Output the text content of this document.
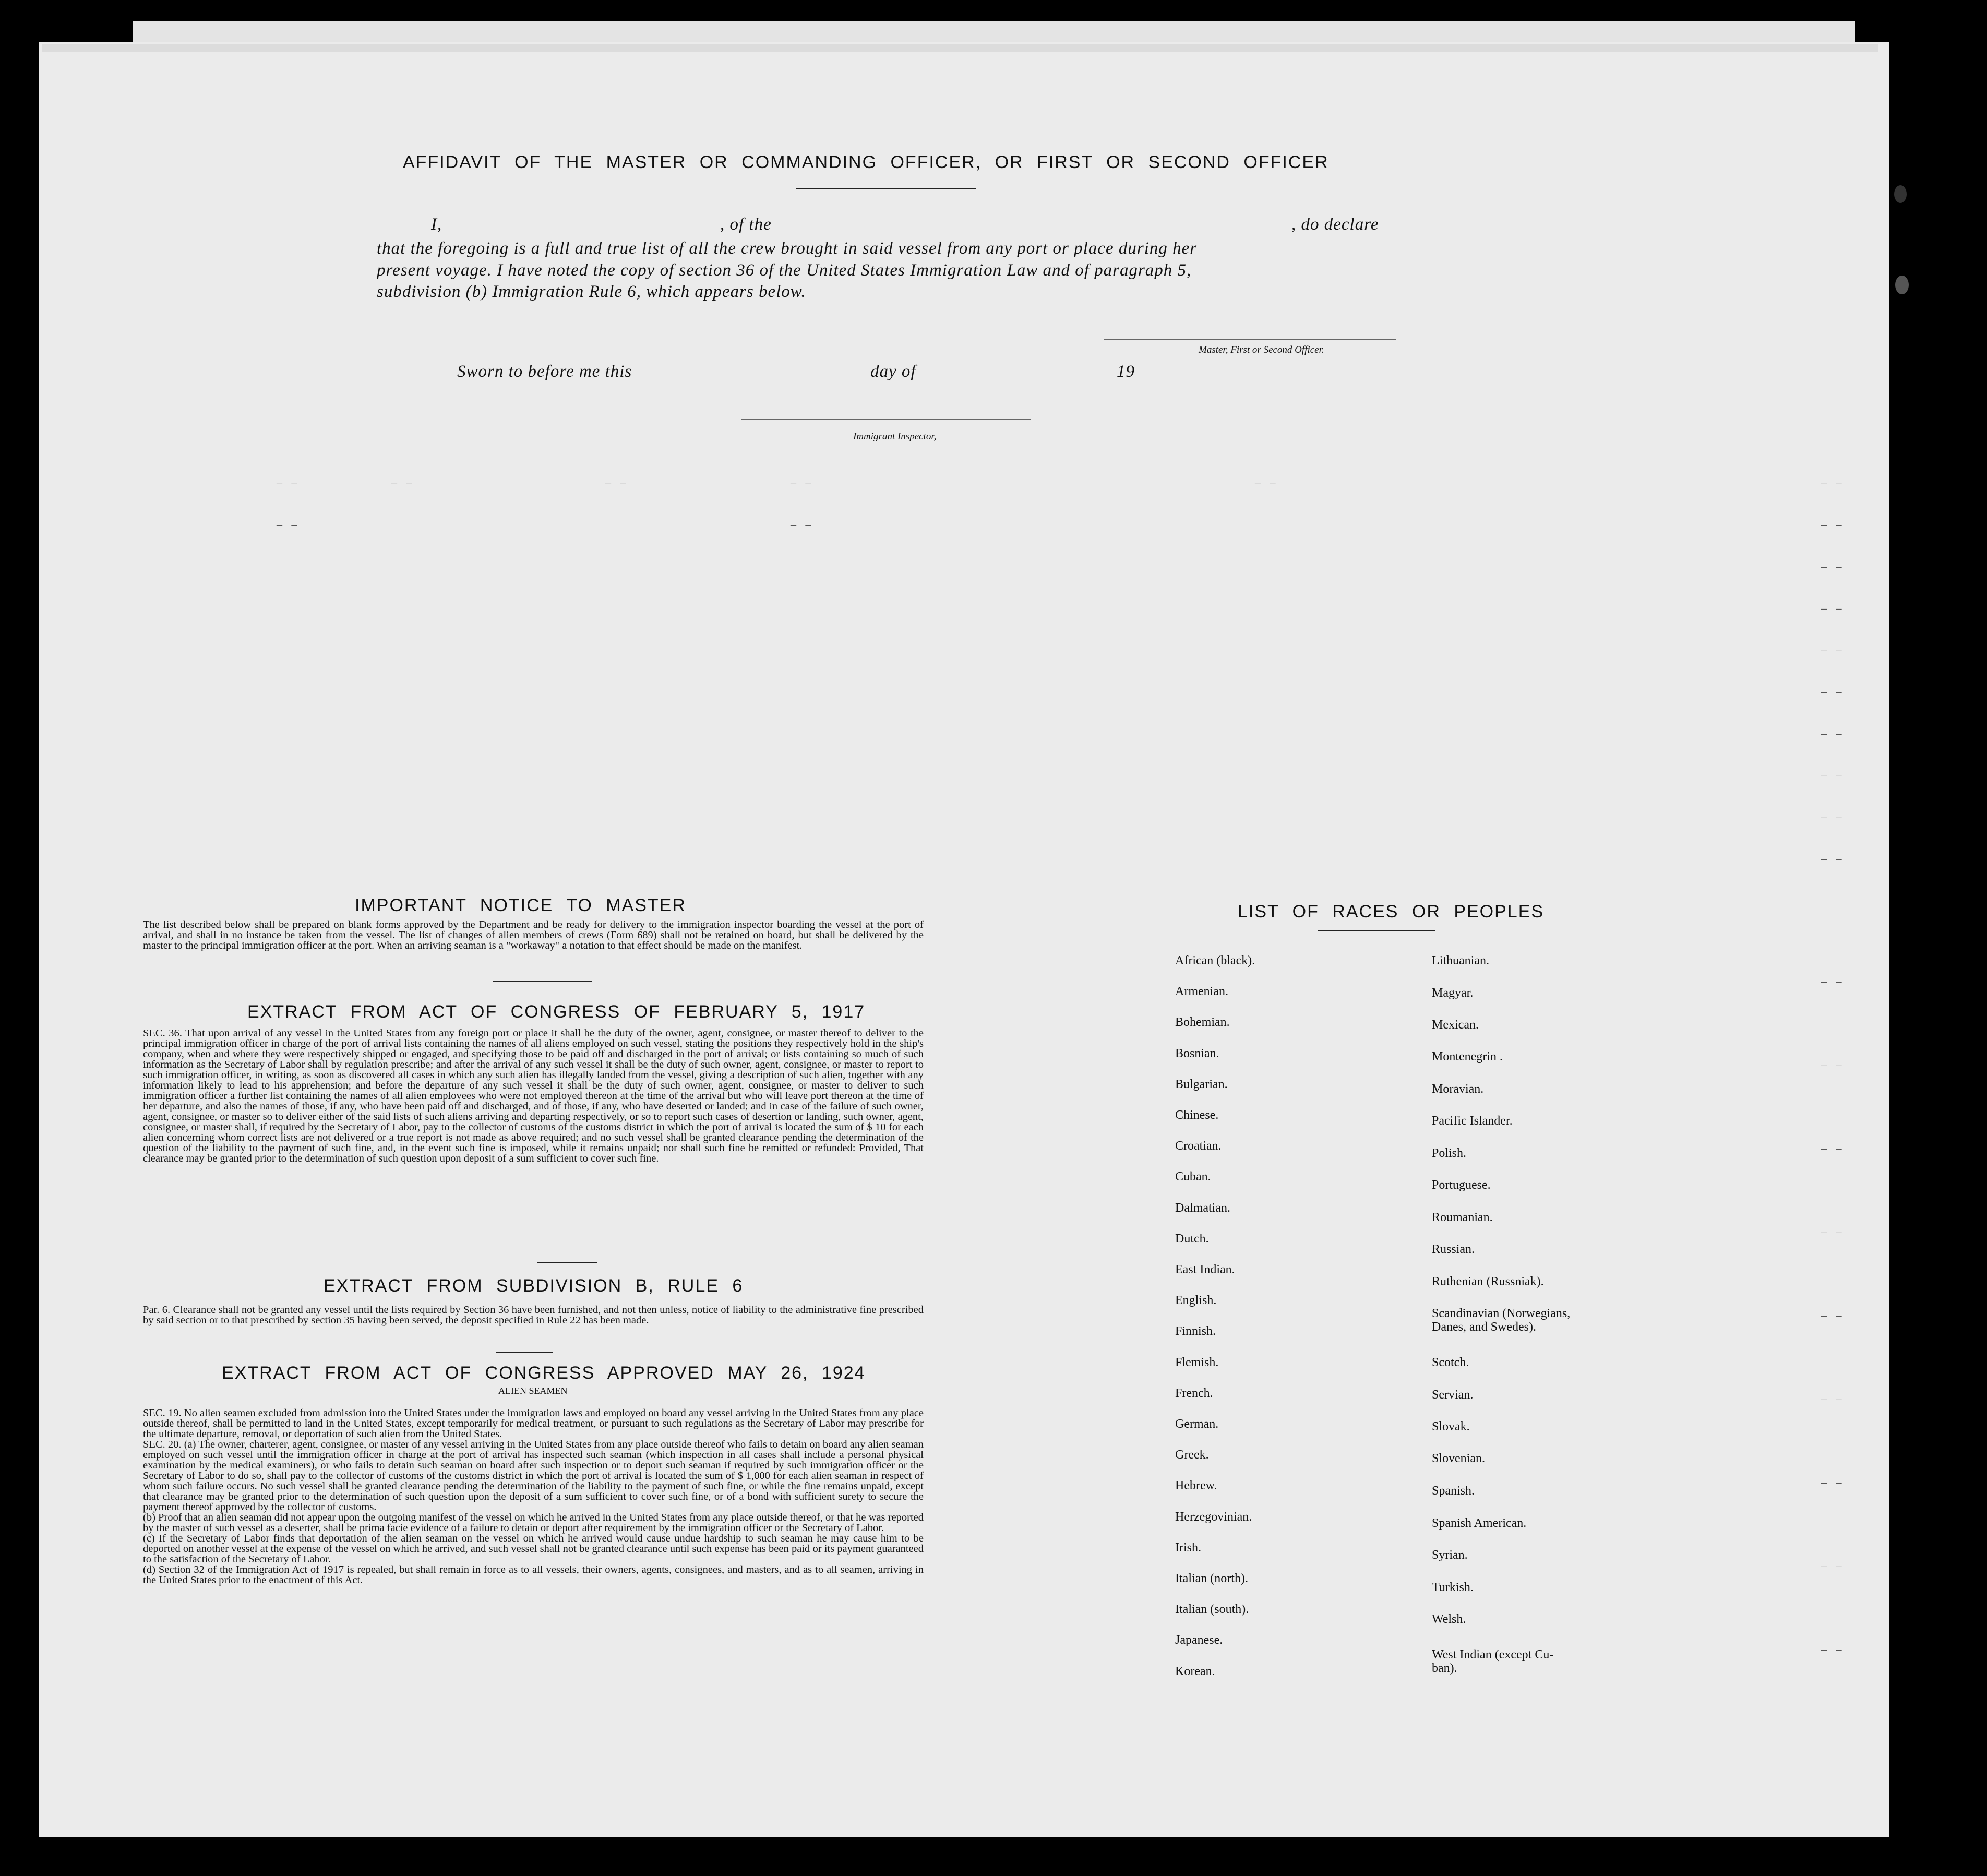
AFFIDAVIT OF THE MASTER OR COMMANDING OFFICER, OR FIRST OR SECOND OFFICER
I,	, of the	, do declare
that the foregoing is a full and true list of all the crew brought in said vessel from any port or place during her
present voyage. I have noted the copy of section 36 of the United States Immigration Law and of paragraph 5,
subdivision (b) Immigration Rule 6, which appears below.
Master, First or Second Officer.
Sworn to before me this	day of	19
Immigrant Inspector,
_ _	_ _	_ _	_ _	_ _	_ _
_ _	_ _	_ _
_ _
_ _
_ _
_ _
_ _
_ _
_ _
_ _
_ _
_ _
_ _
_ _
_ _
_ _
_ _
_ _
_ _
IMPORTANT NOTICE TO MASTER
The list described below shall be prepared on blank forms approved by the Department and be ready for delivery to the immigration inspector boarding the vessel at the port of arrival, and shall in no instance be taken from the vessel. The list of changes of alien members of crews (Form 689) shall not be retained on board, but shall be delivered by the master to the principal immigration officer at the port. When an arriving seaman is a "workaway" a notation to that effect should be made on the manifest.
EXTRACT FROM ACT OF CONGRESS OF FEBRUARY 5, 1917
SEC. 36. That upon arrival of any vessel in the United States from any foreign port or place it shall be the duty of the owner, agent, consignee, or master thereof to deliver to the principal immigration officer in charge of the port of arrival lists containing the names of all aliens employed on such vessel, stating the positions they respectively hold in the ship's company, when and where they were respectively shipped or engaged, and specifying those to be paid off and discharged in the port of arrival; or lists containing so much of such information as the Secretary of Labor shall by regulation prescribe; and after the arrival of any such vessel it shall be the duty of such owner, agent, consignee, or master to report to such immigration officer, in writing, as soon as discovered all cases in which any such alien has illegally landed from the vessel, giving a description of such alien, together with any information likely to lead to his apprehension; and before the departure of any such vessel it shall be the duty of such owner, agent, consignee, or master to deliver to such immigration officer a further list containing the names of all alien employees who were not employed thereon at the time of the arrival but who will leave port thereon at the time of her departure, and also the names of those, if any, who have been paid off and discharged, and of those, if any, who have deserted or landed; and in case of the failure of such owner, agent, consignee, or master so to deliver either of the said lists of such aliens arriving and departing respectively, or so to report such cases of desertion or landing, such owner, agent, consignee, or master shall, if required by the Secretary of Labor, pay to the collector of customs of the customs district in which the port of arrival is located the sum of $ 10 for each alien concerning whom correct lists are not delivered or a true report is not made as above required; and no such vessel shall be granted clearance pending the determination of the question of the liability to the payment of such fine, and, in the event such fine is imposed, while it remains unpaid; nor shall such fine be remitted or refunded: Provided, That clearance may be granted prior to the determination of such question upon deposit of a sum sufficient to cover such fine.
EXTRACT FROM SUBDIVISION B, RULE 6
Par. 6. Clearance shall not be granted any vessel until the lists required by Section 36 have been furnished, and not then unless, notice of liability to the administrative fine prescribed by said section or to that prescribed by section 35 having been served, the deposit specified in Rule 22 has been made.
EXTRACT FROM ACT OF CONGRESS APPROVED MAY 26, 1924
ALIEN SEAMEN
SEC. 19. No alien seamen excluded from admission into the United States under the immigration laws and employed on board any vessel arriving in the United States from any place outside thereof, shall be permitted to land in the United States, except temporarily for medical treatment, or pursuant to such regulations as the Secretary of Labor may prescribe for the ultimate departure, removal, or deportation of such alien from the United States.
SEC. 20. (a) The owner, charterer, agent, consignee, or master of any vessel arriving in the United States from any place outside thereof who fails to detain on board any alien seaman employed on such vessel until the immigration officer in charge at the port of arrival has inspected such seaman (which inspection in all cases shall include a personal physical examination by the medical examiners), or who fails to detain such seaman on board after such inspection or to deport such seaman if required by such immigration officer or the Secretary of Labor to do so, shall pay to the collector of customs of the customs district in which the port of arrival is located the sum of $ 1,000 for each alien seaman in respect of whom such failure occurs. No such vessel shall be granted clearance pending the determination of the liability to the payment of such fine, or while the fine remains unpaid, except that clearance may be granted prior to the determination of such question upon the deposit of a sum sufficient to cover such fine, or of a bond with sufficient surety to secure the payment thereof approved by the collector of customs.
(b) Proof that an alien seaman did not appear upon the outgoing manifest of the vessel on which he arrived in the United States from any place outside thereof, or that he was reported by the master of such vessel as a deserter, shall be prima facie evidence of a failure to detain or deport after requirement by the immigration officer or the Secretary of Labor.
(c) If the Secretary of Labor finds that deportation of the alien seaman on the vessel on which he arrived would cause undue hardship to such seaman he may cause him to be deported on another vessel at the expense of the vessel on which he arrived, and such vessel shall not be granted clearance until such expense has been paid or its payment guaranteed to the satisfaction of the Secretary of Labor.
(d) Section 32 of the Immigration Act of 1917 is repealed, but shall remain in force as to all vessels, their owners, agents, consignees, and masters, and as to all seamen, arriving in the United States prior to the enactment of this Act.
LIST OF RACES OR PEOPLES
African (black).
Armenian.
Bohemian.
Bosnian.
Bulgarian.
Chinese.
Croatian.
Cuban.
Dalmatian.
Dutch.
East Indian.
English.
Finnish.
Flemish.
French.
German.
Greek.
Hebrew.
Herzegovinian.
Irish.
Italian (north).
Italian (south).
Japanese.
Korean.
Lithuanian.
Magyar.
Mexican.
Montenegrin .
Moravian.
Pacific Islander.
Polish.
Portuguese.
Roumanian.
Russian.
Ruthenian (Russniak).
Scandinavian (Norwegians,
Danes, and Swedes).
Scotch.
Servian.
Slovak.
Slovenian.
Spanish.
Spanish American.
Syrian.
Turkish.
Welsh.
West Indian (except Cu-
ban).
